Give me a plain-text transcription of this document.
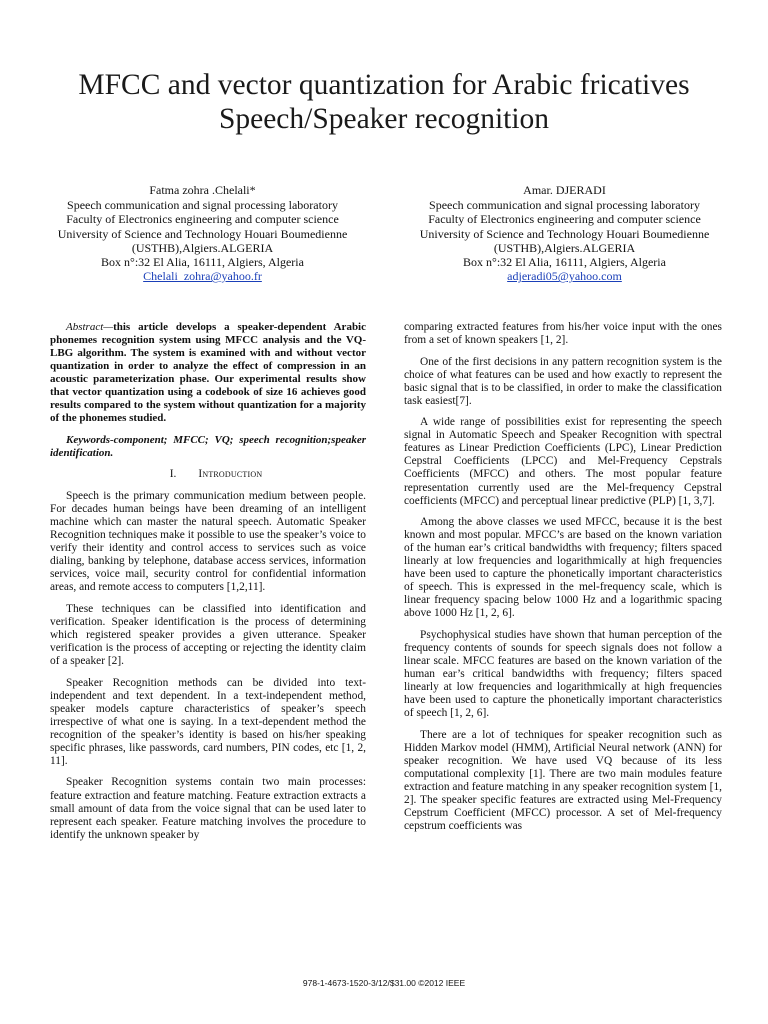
MFCC and vector quantization for Arabic fricatives
Speech/Speaker recognition
Fatma zohra .Chelali*
Speech communication and signal processing laboratory
Faculty of Electronics engineering and computer science
University of Science and Technology Houari Boumedienne
(USTHB),Algiers.ALGERIA
Box n°:32 El Alia, 16111, Algiers, Algeria
Chelali_zohra@yahoo.fr
Amar. DJERADI
Speech communication and signal processing laboratory
Faculty of Electronics engineering and computer science
University of Science and Technology Houari Boumedienne
(USTHB),Algiers.ALGERIA
Box n°:32 El Alia, 16111, Algiers, Algeria
adjeradi05@yahoo.com

Abstract—this article develops a speaker-dependent Arabic phonemes recognition system using MFCC analysis and the VQ-LBG algorithm. The system is examined with and without vector quantization in order to analyze the effect of compression in an acoustic parameterization phase. Our experimental results show that vector quantization using a codebook of size 16 achieves good results compared to the system without quantization for a majority of the phonemes studied.

Keywords-component; MFCC; VQ; speech recognition;speaker identification.

I. Introduction

Speech is the primary communication medium between people. For decades human beings have been dreaming of an intelligent machine which can master the natural speech. Automatic Speaker Recognition techniques make it possible to use the speaker’s voice to verify their identity and control access to services such as voice dialing, banking by telephone, database access services, information services, voice mail, security control for confidential information areas, and remote access to computers [1,2,11].

These techniques can be classified into identification and verification. Speaker identification is the process of determining which registered speaker provides a given utterance. Speaker verification is the process of accepting or rejecting the identity claim of a speaker [2].

Speaker Recognition methods can be divided into text-independent and text dependent. In a text-independent method, speaker models capture characteristics of speaker’s speech irrespective of what one is saying. In a text-dependent method the recognition of the speaker’s identity is based on his/her speaking specific phrases, like passwords, card numbers, PIN codes, etc [1, 2, 11].

Speaker Recognition systems contain two main processes: feature extraction and feature matching. Feature extraction extracts a small amount of data from the voice signal that can be used later to represent each speaker. Feature matching involves the procedure to identify the unknown speaker by

comparing extracted features from his/her voice input with the ones from a set of known speakers [1, 2].

One of the first decisions in any pattern recognition system is the choice of what features can be used and how exactly to represent the basic signal that is to be classified, in order to make the classification task easiest[7].

A wide range of possibilities exist for representing the speech signal in Automatic Speech and Speaker Recognition with spectral features as Linear Prediction Coefficients (LPC), Linear Prediction Cepstral Coefficients (LPCC) and Mel-Frequency Cepstrals Coefficients (MFCC) and others. The most popular feature representation currently used are the Mel-frequency Cepstral coefficients (MFCC) and perceptual linear predictive (PLP) [1, 3,7].

Among the above classes we used MFCC, because it is the best known and most popular. MFCC’s are based on the known variation of the human ear’s critical bandwidths with frequency; filters spaced linearly at low frequencies and logarithmically at high frequencies have been used to capture the phonetically important characteristics of speech. This is expressed in the mel-frequency scale, which is linear frequency spacing below 1000 Hz and a logarithmic spacing above 1000 Hz [1, 2, 6].

Psychophysical studies have shown that human perception of the frequency contents of sounds for speech signals does not follow a linear scale. MFCC features are based on the known variation of the human ear’s critical bandwidths with frequency; filters spaced linearly at low frequencies and logarithmically at high frequencies have been used to capture the phonetically important characteristics of speech [1, 2, 6].

There are a lot of techniques for speaker recognition such as Hidden Markov model (HMM), Artificial Neural network (ANN) for speaker recognition. We have used VQ because of its less computational complexity [1]. There are two main modules feature extraction and feature matching in any speaker recognition system [1, 2]. The speaker specific features are extracted using Mel-Frequency Cepstrum Coefficient (MFCC) processor. A set of Mel-frequency cepstrum coefficients was

978-1-4673-1520-3/12/$31.00 ©2012 IEEE
